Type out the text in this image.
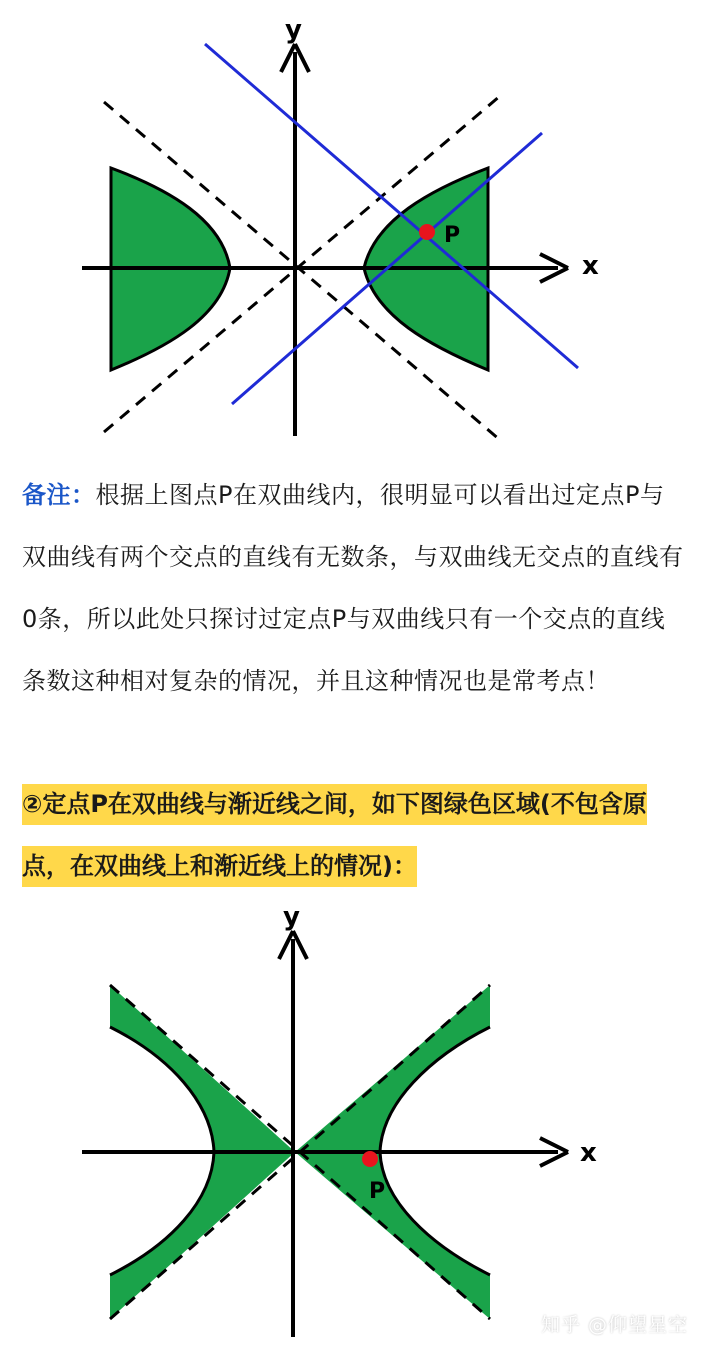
P
x
y
备注：根据上图点P在双曲线内，很明显可以看出过定点P与双曲线有两个交点的直线有无数条，与双曲线无交点的直线有0条，所以此处只探讨过定点P与双曲线只有一个交点的直线条数这种相对复杂的情况，并且这种情况也是常考点！
②定点P在双曲线与渐近线之间，如下图绿色区域(不包含原点，在双曲线上和渐近线上的情况)：
P
x
y
知乎 @仰望星空
